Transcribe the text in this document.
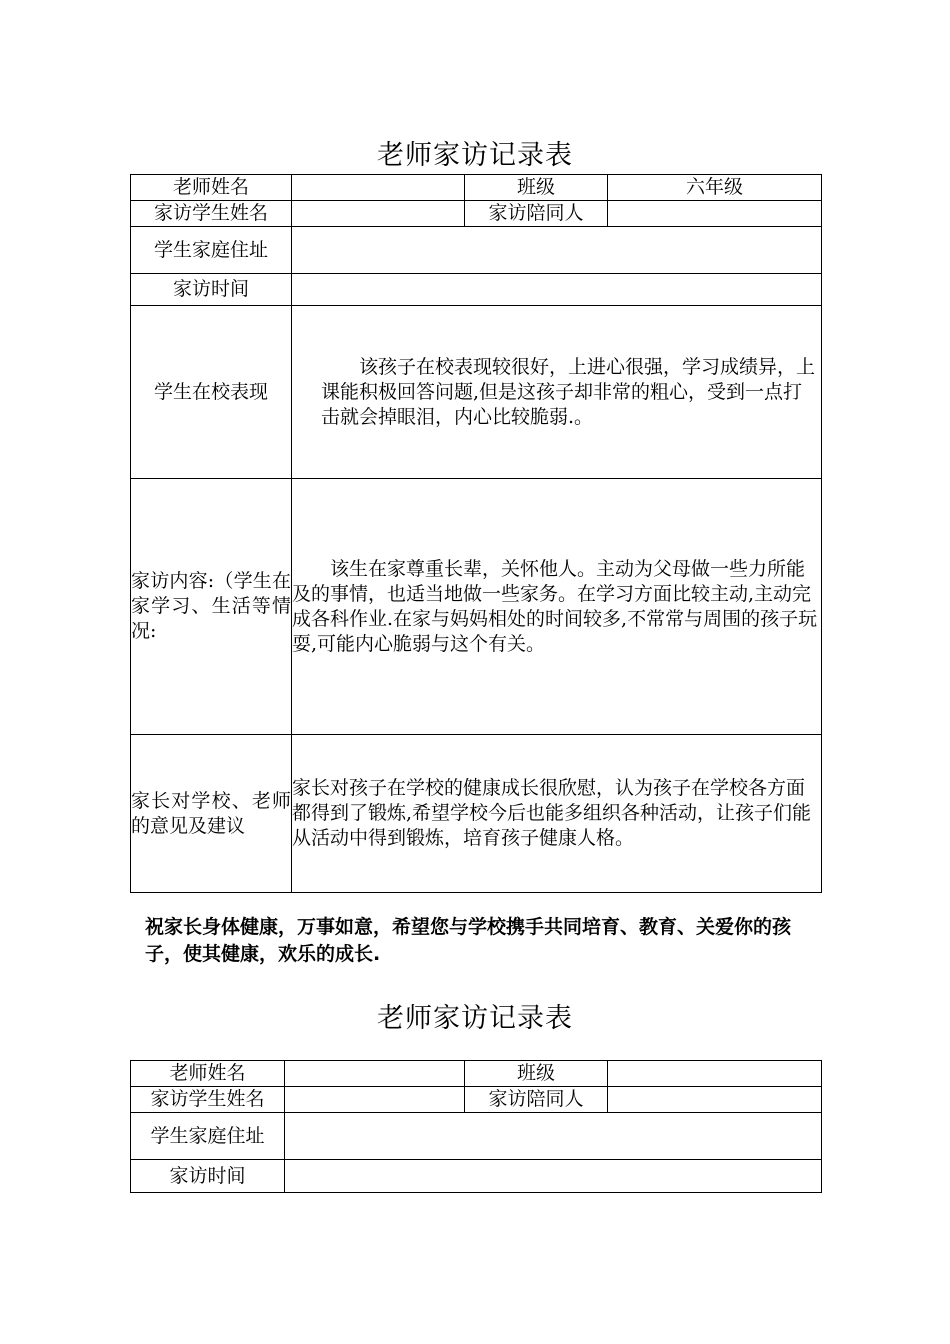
老师家访记录表
老师姓名		班级	六年级
家访学生姓名		家访陪同人	
学生家庭住址			
家访时间			
学生在校表现	该孩子在校表现较很好，上进心很强，学习成绩异，上课能积极回答问题,但是这孩子却非常的粗心，受到一点打击就会掉眼泪，内心比较脆弱.。		

家访内容:（学生在家学习、生活等情况:	该生在家尊重长辈，关怀他人。主动为父母做一些力所能及的事情，也适当地做一些家务。在学习方面比较主动,主动完成各科作业.在家与妈妈相处的时间较多,不常常与周围的孩子玩耍,可能内心脆弱与这个有关。		

家长对学校、老师的意见及建议	家长对孩子在学校的健康成长很欣慰，认为孩子在学校各方面都得到了锻炼,希望学校今后也能多组织各种活动，让孩子们能从活动中得到锻炼，培育孩子健康人格。		
祝家长身体健康，万事如意，希望您与学校携手共同培育、教育、关爱你的孩子，使其健康，欢乐的成长.
老师家访记录表
老师姓名		班级	
家访学生姓名		家访陪同人	
学生家庭住址			
家访时间			
